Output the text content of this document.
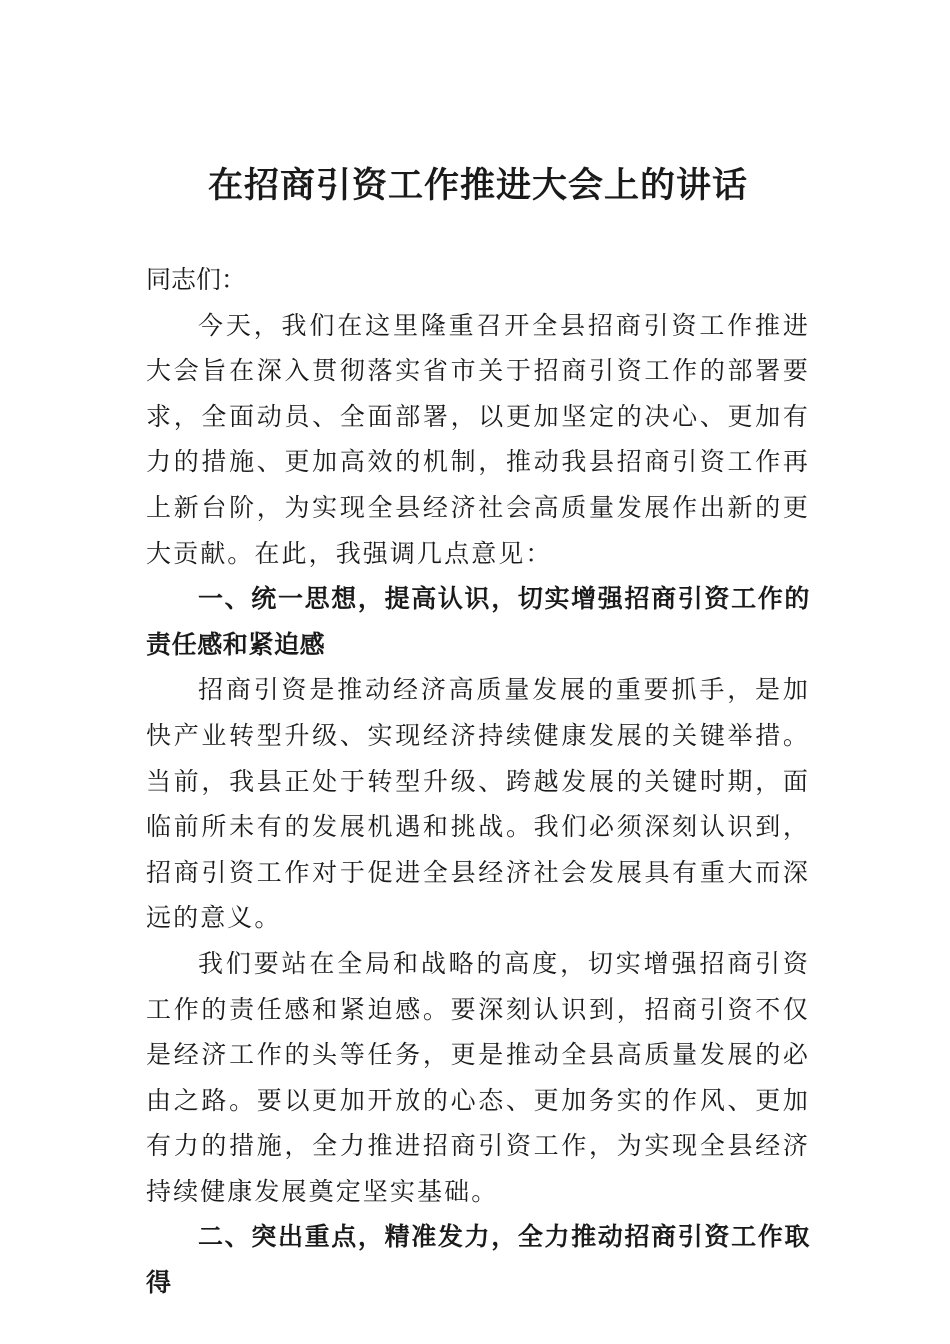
在招商引资工作推进大会上的讲话

同志们：

今天，我们在这里隆重召开全县招商引资工作推进大会旨在深入贯彻落实省市关于招商引资工作的部署要求，全面动员、全面部署，以更加坚定的决心、更加有力的措施、更加高效的机制，推动我县招商引资工作再上新台阶，为实现全县经济社会高质量发展作出新的更大贡献。在此，我强调几点意见：

一、统一思想，提高认识，切实增强招商引资工作的责任感和紧迫感

招商引资是推动经济高质量发展的重要抓手，是加快产业转型升级、实现经济持续健康发展的关键举措。当前，我县正处于转型升级、跨越发展的关键时期，面临前所未有的发展机遇和挑战。我们必须深刻认识到，招商引资工作对于促进全县经济社会发展具有重大而深远的意义。

我们要站在全局和战略的高度，切实增强招商引资工作的责任感和紧迫感。要深刻认识到，招商引资不仅是经济工作的头等任务，更是推动全县高质量发展的必由之路。要以更加开放的心态、更加务实的作风、更加有力的措施，全力推进招商引资工作，为实现全县经济持续健康发展奠定坚实基础。

二、突出重点，精准发力，全力推动招商引资工作取得
